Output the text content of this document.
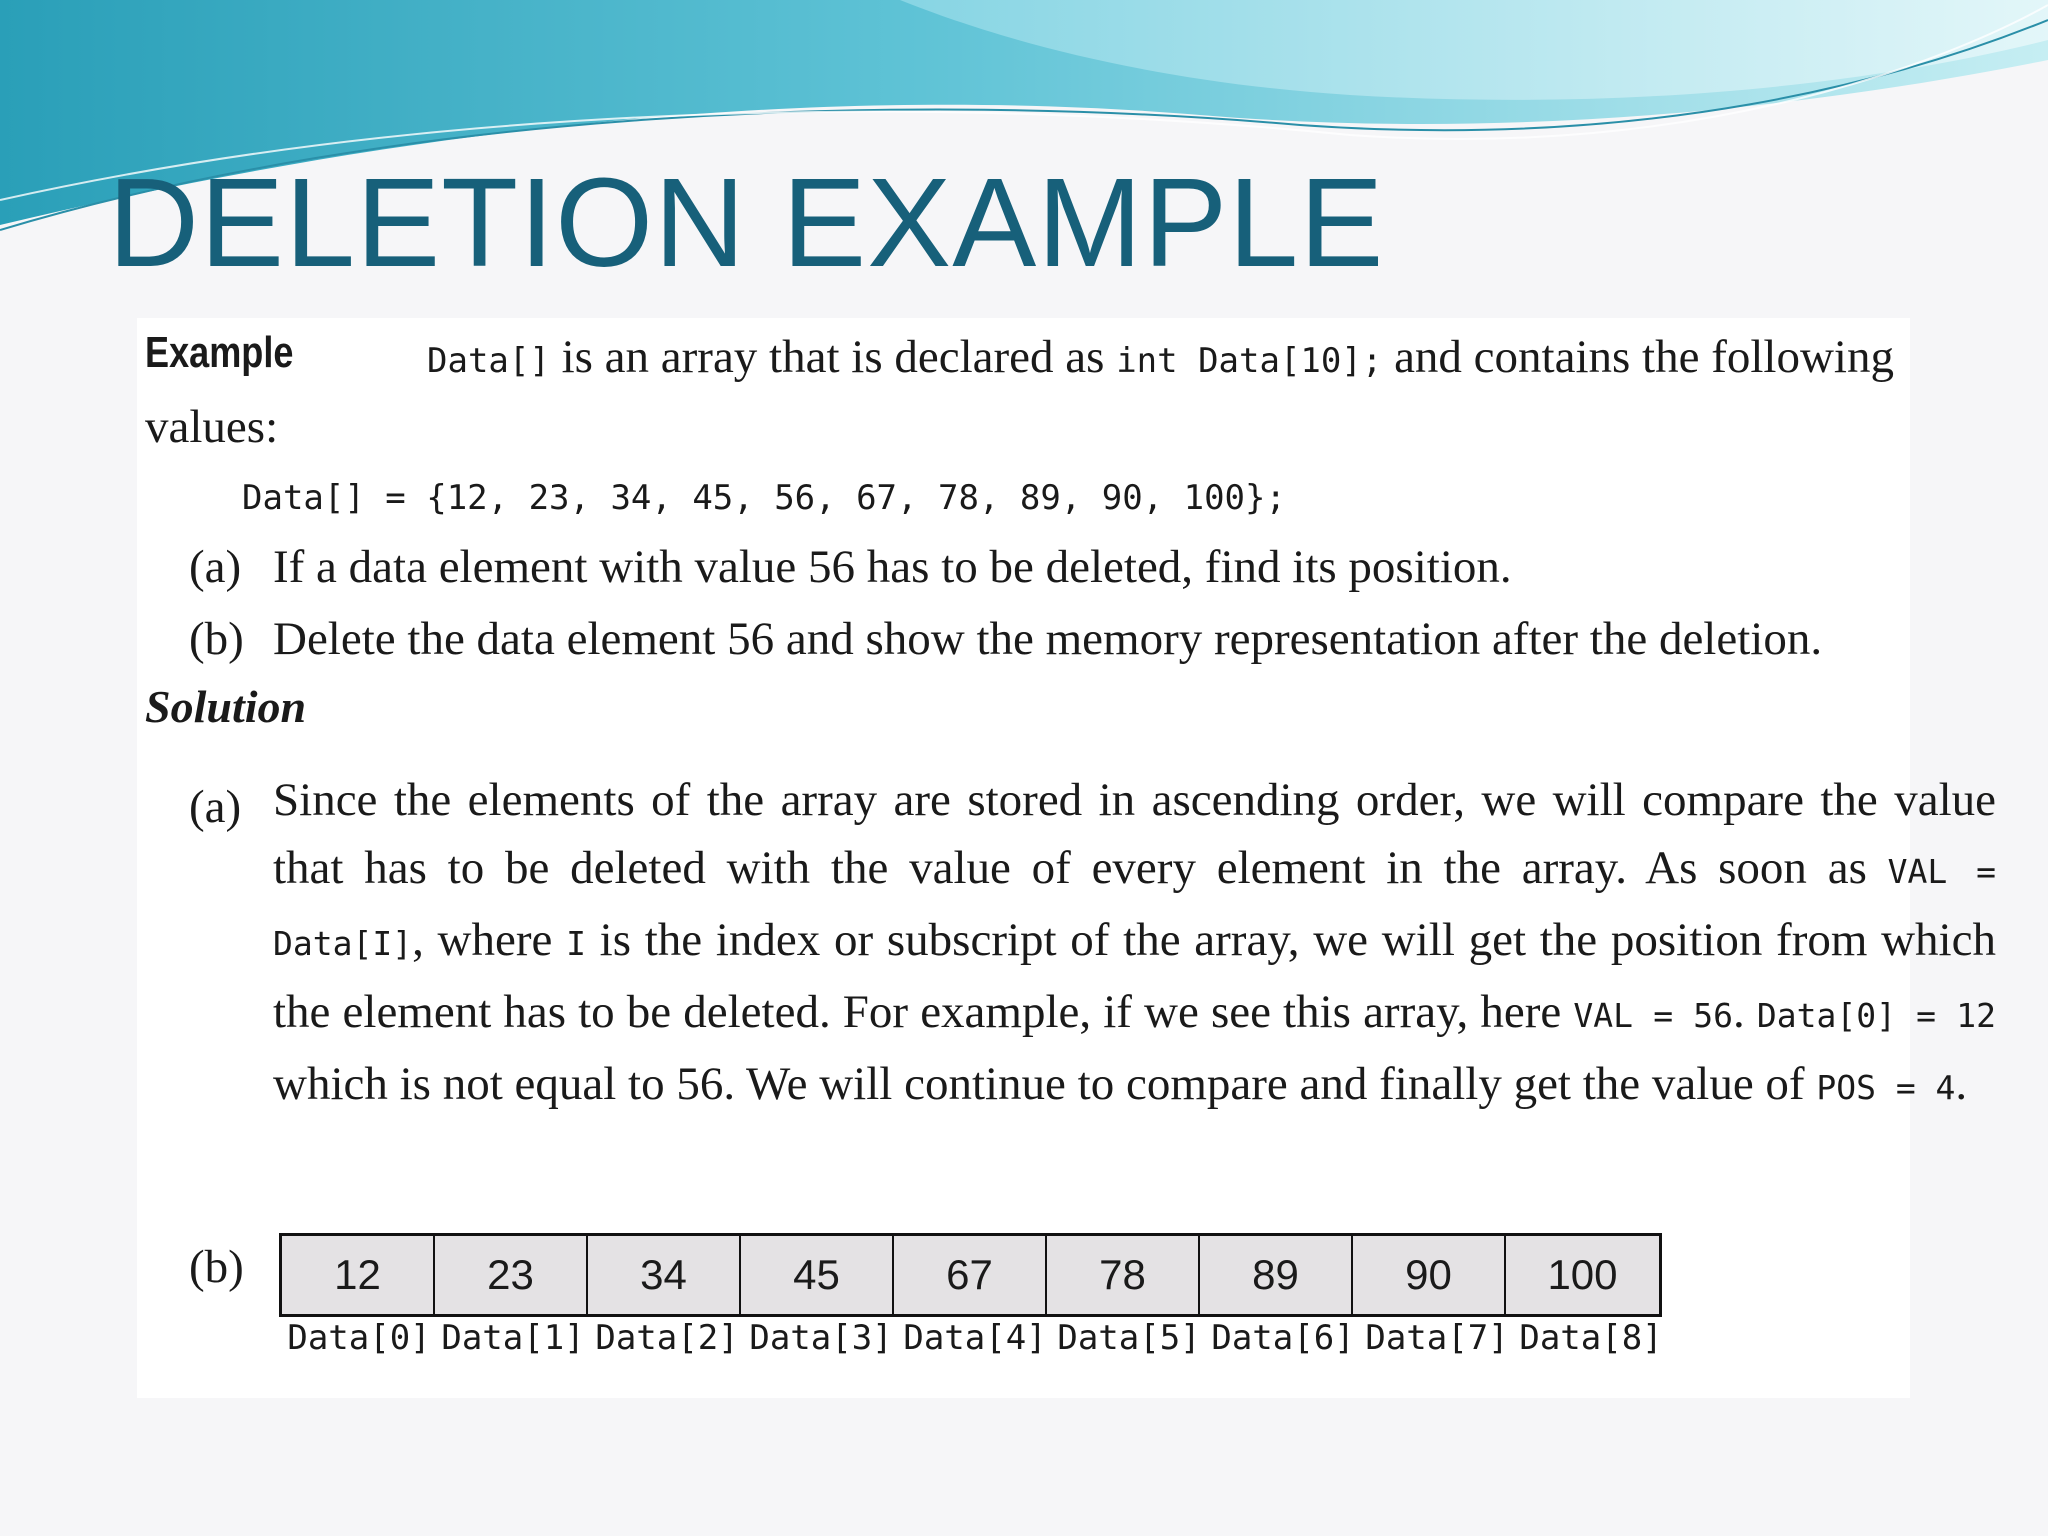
DELETION EXAMPLE
Example	Data[] is an array that is declared as int Data[10]; and contains the following
values:
Data[] = {12, 23, 34, 45, 56, 67, 78, 89, 90, 100};
(a) If a data element with value 56 has to be deleted, find its position.
(b) Delete the data element 56 and show the memory representation after the deletion.
Solution
(a) Since the elements of the array are stored in ascending order, we will compare the value that has to be deleted with the value of every element in the array. As soon as VAL = Data[I], where I is the index or subscript of the array, we will get the position from which the element has to be deleted. For example, if we see this array, here VAL = 56. Data[0] = 12 which is not equal to 56. We will continue to compare and finally get the value of POS = 4.
(b)	12	23	34	45	67	78	89	90	100
Data[0] Data[1] Data[2] Data[3] Data[4] Data[5] Data[6] Data[7] Data[8]
